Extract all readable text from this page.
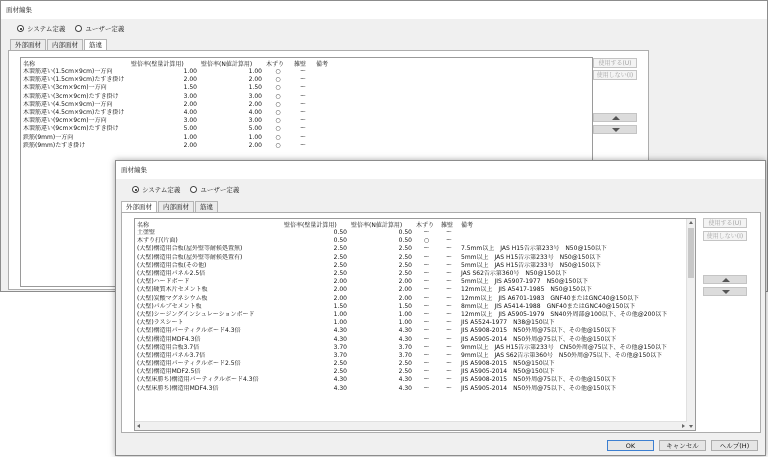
面材編集
システム定義	ユーザー定義
外部面材	内部面材	筋違
名称	壁倍率(壁量計算用)	壁倍率(N値計算用)	木ずり	雑壁	備考
木製筋違い(1.5cm×9cm)一方向	1.00	1.00	○	ー	
木製筋違い(1.5cm×9cm)たすき掛け	2.00	2.00	○	ー	
木製筋違い(3cm×9cm)一方向	1.50	1.50	○	ー	
木製筋違い(3cm×9cm)たすき掛け	3.00	3.00	○	ー	
木製筋違い(4.5cm×9cm)一方向	2.00	2.00	○	ー	
木製筋違い(4.5cm×9cm)たすき掛け	4.00	4.00	○	ー	
木製筋違い(9cm×9cm)一方向	3.00	3.00	○	ー	
木製筋違い(9cm×9cm)たすき掛け	5.00	5.00	○	ー	
鉄筋(9mm)一方向	1.00	1.00	○	ー	
鉄筋(9mm)たすき掛け	2.00	2.00	○	ー	
使用する(U)
使用しない(I)
面材編集
システム定義	ユーザー定義
外部面材	内部面材	筋違
名称	壁倍率(壁量計算用)	壁倍率(N値計算用)	木ずり	雑壁	備考
土塗壁	0.50	0.50	ー	ー	
木ずり打(片面)	0.50	0.50	○	ー	
(大壁)構造用合板(屋外壁等耐候処置無)	2.50	2.50	ー	ー	7.5mm以上　JAS H15告示第233号　N50@150以下
(大壁)構造用合板(屋外壁等耐候処置有)	2.50	2.50	ー	ー	5mm以上　JAS H15告示第233号　N50@150以下
(大壁)構造用合板(その他)	2.50	2.50	ー	ー	5mm以上　JAS H15告示第233号　N50@150以下
(大壁)構造用パネル2.5倍	2.50	2.50	ー	ー	JAS S62告示第360号　N50@150以下
(大壁)ハードボード	2.00	2.00	ー	ー	5mm以上　JIS A5907-1977　N50@150以下
(大壁)硬質木片セメント板	2.00	2.00	ー	ー	12mm以上　JIS A5417-1985　N50@150以下
(大壁)炭酸マグネシウム板	2.00	2.00	ー	ー	12mm以上　JIS A6701-1983　GNF40またはGNC40@150以下
(大壁)パルプセメント板	1.50	1.50	ー	ー	8mm以上　JIS A5414-1988　GNF40またはGNC40@150以下
(大壁)シージングインシュレーションボード	1.00	1.00	ー	ー	12mm以上　JIS A5905-1979　SN40外周部@100以下、その他@200以下
(大壁)ラスシート	1.00	1.00	ー	ー	JIS A5524-1977　N38@150以下
(大壁)構造用パーティクルボード4.3倍	4.30	4.30	ー	ー	JIS A5908-2015　N50外周@75以下、その他@150以下
(大壁)構造用MDF4.3倍	4.30	4.30	ー	ー	JIS A5905-2014　N50外周@75以下、その他@150以下
(大壁)構造用合板3.7倍	3.70	3.70	ー	ー	9mm以上　JAS H15告示第233号　CN50外周@75以下、その他@150以下
(大壁)構造用パネル3.7倍	3.70	3.70	ー	ー	9mm以上　JAS S62告示第360号　N50外周@75以下、その他@150以下
(大壁)構造用パーティクルボード2.5倍	2.50	2.50	ー	ー	JIS A5908-2015　N50@150以下
(大壁)構造用MDF2.5倍	2.50	2.50	ー	ー	JIS A5905-2014　N50@150以下
(大壁床勝ち)構造用パーティクルボード4.3倍	4.30	4.30	ー	ー	JIS A5908-2015　N50外周@75以下、その他@150以下
(大壁床勝ち)構造用MDF4.3倍	4.30	4.30	ー	ー	JIS A5905-2014　N50外周@75以下、その他@150以下
使用する(U)
使用しない(I)
OK	キャンセル	ヘルプ(H)
